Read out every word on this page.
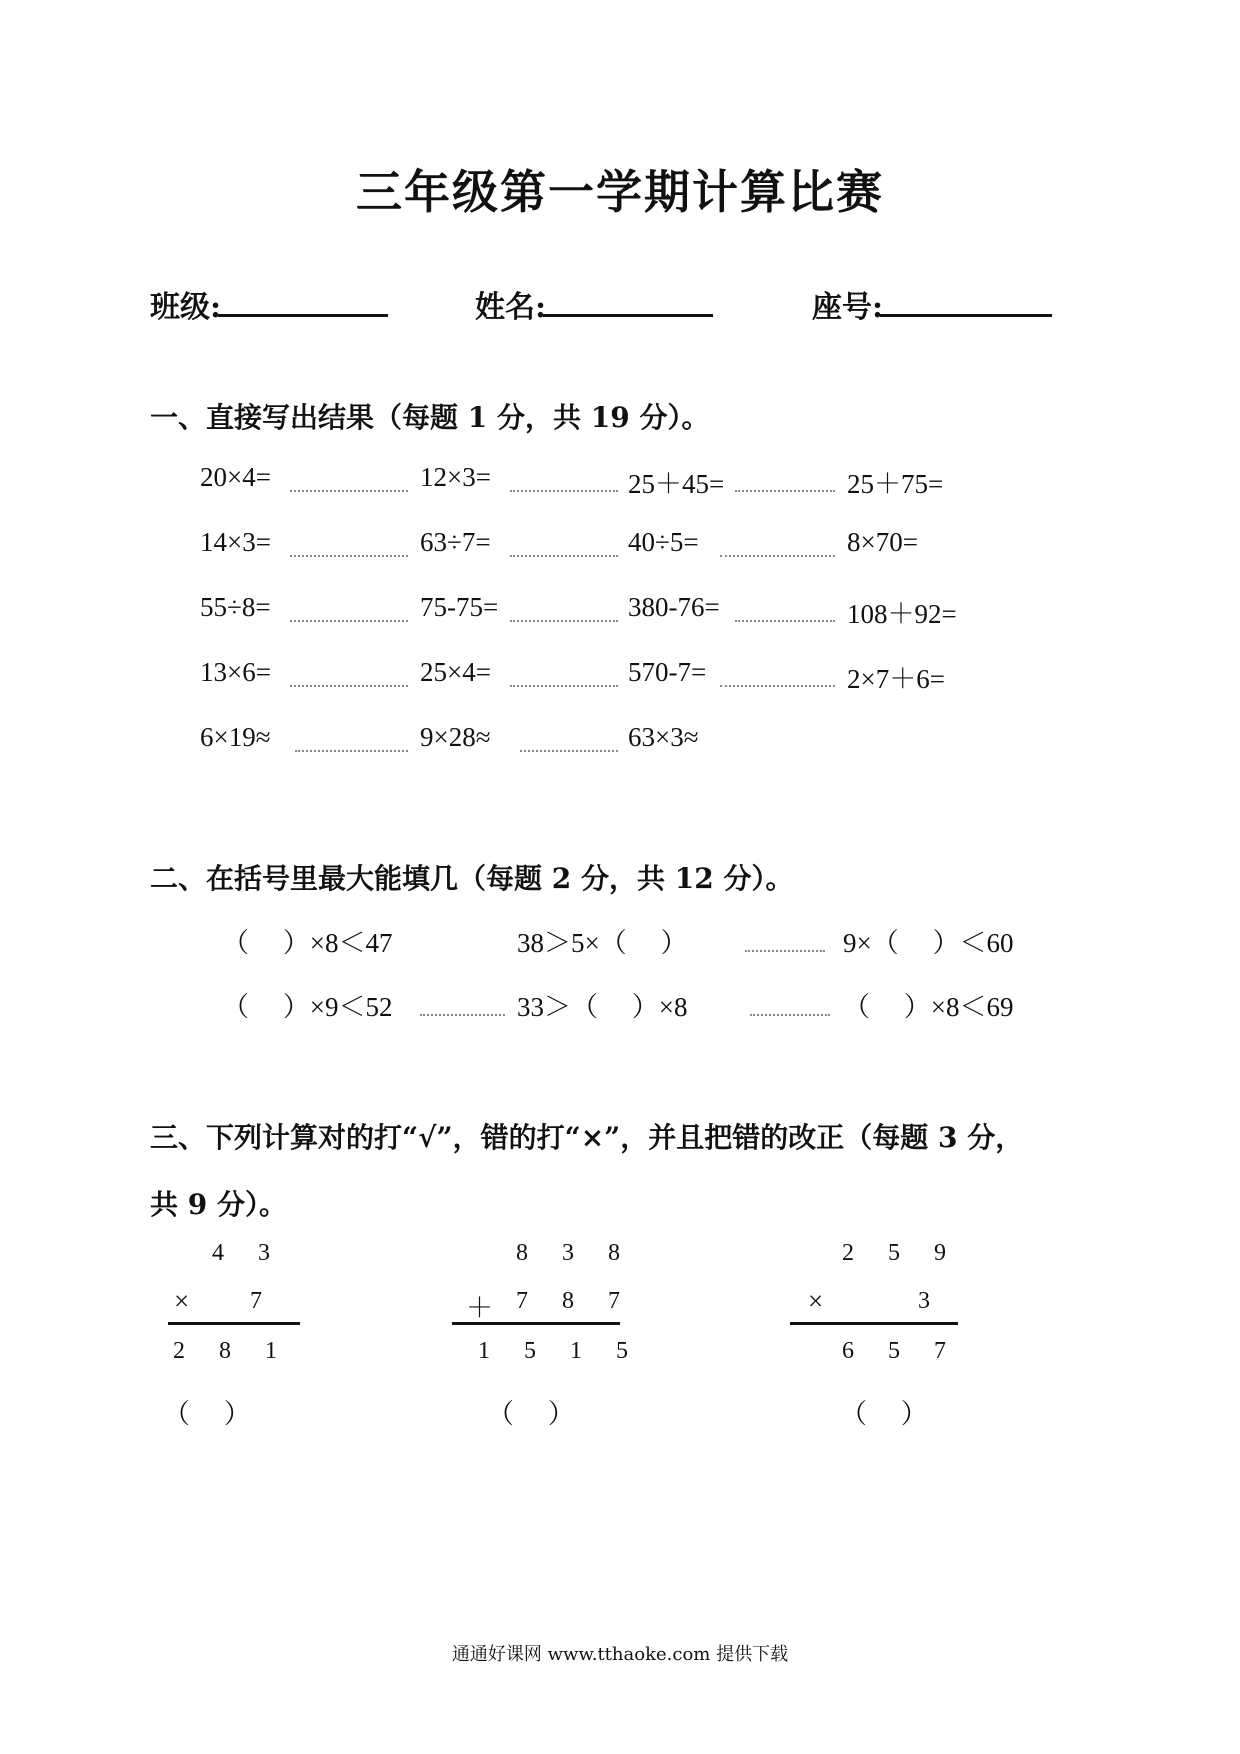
三年级第一学期计算比赛
班级:	姓名:	座号:
一、直接写出结果（每题 1 分，共 19 分）。
20×4=	12×3=	25＋45=	25＋75=
14×3=	63÷7=	40÷5=	8×70=
55÷8=	75-75=	380-76=	108＋92=
13×6=	25×4=	570-7=	2×7＋6=
6×19≈	9×28≈	63×3≈
二、在括号里最大能填几（每题 2 分，共 12 分）。
（　 ）×8＜47	38＞5×（　 ）	9×（　 ）＜60
（　 ）×9＜52	33＞（　 ）×8	（　 ）×8＜69
三、下列计算对的打“√”，错的打“×”，并且把错的改正（每题 3 分，
共 9 分）。
4 3
×	7
2 8 1
（　 ）
8 3 8
＋ 7 8 7
1 5 1 5
（　 ）
2 5 9
×	3
6 5 7
（　 ）
通通好课网 www.tthaoke.com 提供下载
